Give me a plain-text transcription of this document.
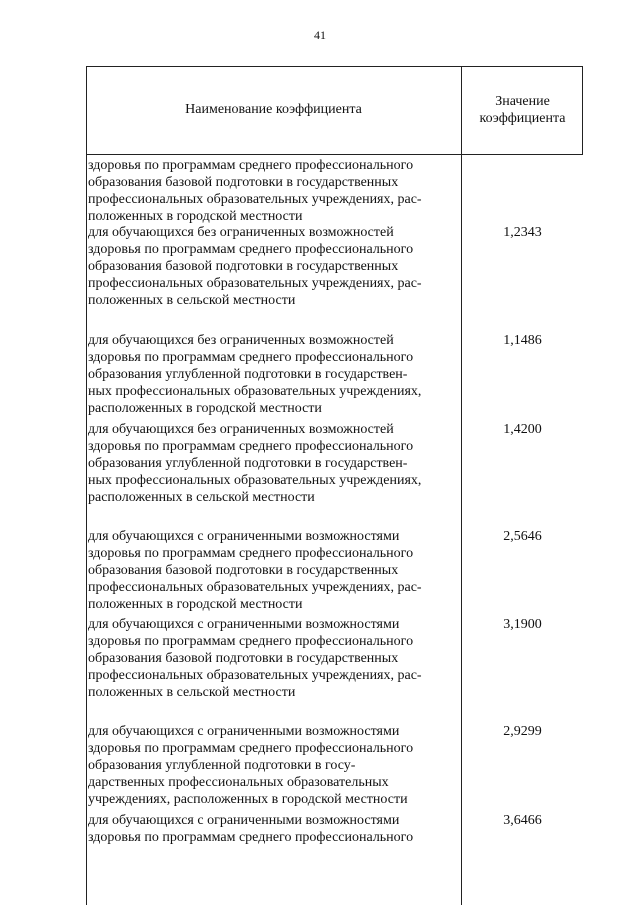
41
Наименование коэффициента
Значение
коэффициента
здоровья по программам среднего профессионального
образования базовой подготовки в государственных
профессиональных образовательных учреждениях, рас-
положенных в городской местности
для обучающихся без ограниченных возможностей
здоровья по программам среднего профессионального
образования базовой подготовки в государственных
профессиональных образовательных учреждениях, рас-
положенных в сельской местности
1,2343
для обучающихся без ограниченных возможностей
здоровья по программам среднего профессионального
образования углубленной подготовки в государствен-
ных профессиональных образовательных учреждениях,
расположенных в городской местности
1,1486
для обучающихся без ограниченных возможностей
здоровья по программам среднего профессионального
образования углубленной подготовки в государствен-
ных профессиональных образовательных учреждениях,
расположенных в сельской местности
1,4200
для обучающихся с ограниченными возможностями
здоровья по программам среднего профессионального
образования базовой подготовки в государственных
профессиональных образовательных учреждениях, рас-
положенных в городской местности
2,5646
для обучающихся с ограниченными возможностями
здоровья по программам среднего профессионального
образования базовой подготовки в государственных
профессиональных образовательных учреждениях, рас-
положенных в сельской местности
3,1900
для обучающихся с ограниченными возможностями
здоровья по программам среднего профессионального
образования углубленной подготовки в госу-
дарственных профессиональных образовательных
учреждениях, расположенных в городской местности
2,9299
для обучающихся с ограниченными возможностями
здоровья по программам среднего профессионального
3,6466
